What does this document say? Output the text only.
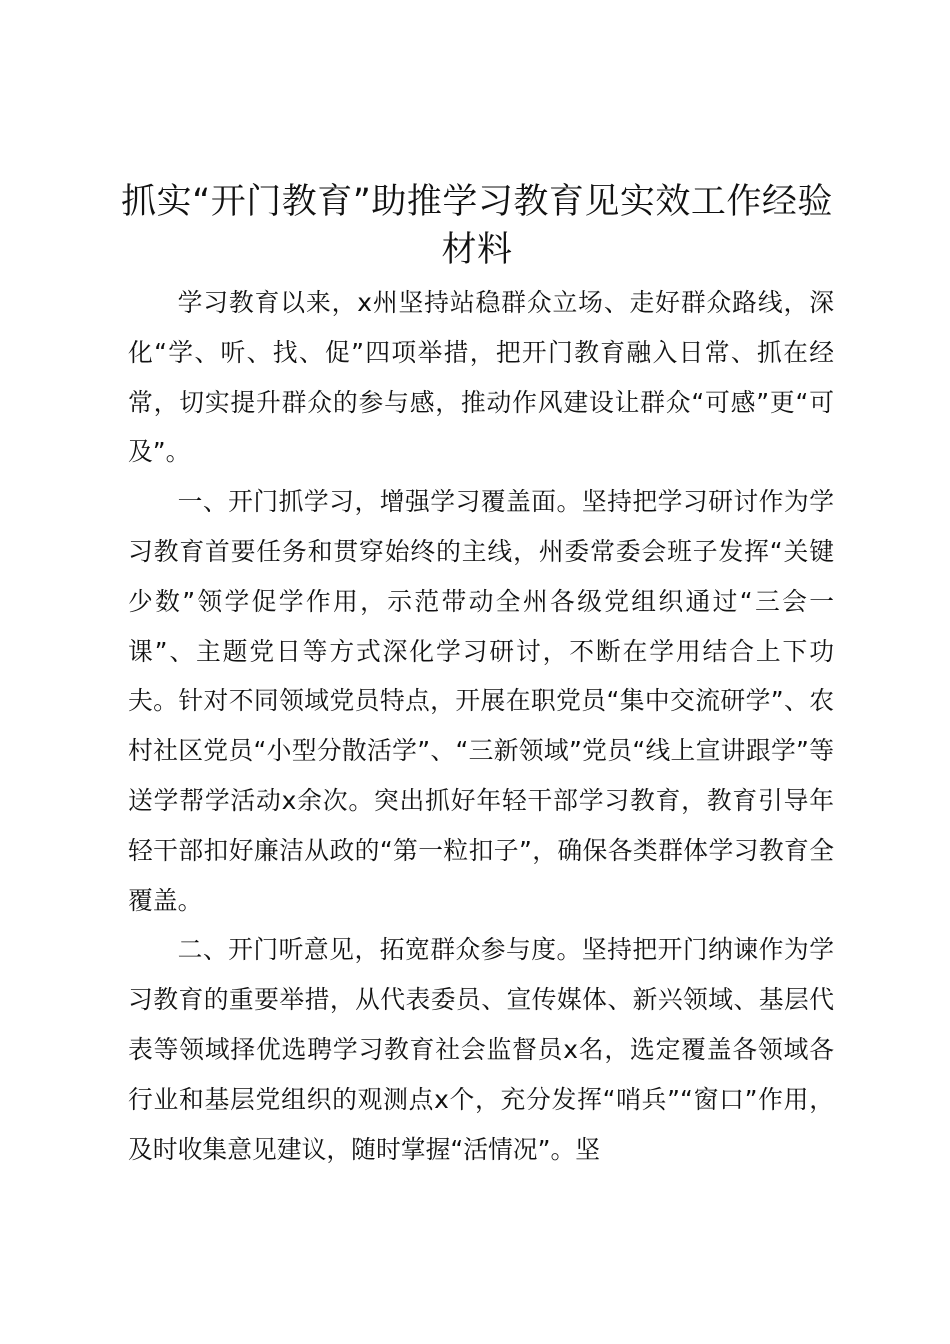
抓实“开门教育”助推学习教育见实效工作经验材料

学习教育以来，x州坚持站稳群众立场、走好群众路线，深化“学、听、找、促”四项举措，把开门教育融入日常、抓在经常，切实提升群众的参与感，推动作风建设让群众“可感”更“可及”。

一、开门抓学习，增强学习覆盖面。坚持把学习研讨作为学习教育首要任务和贯穿始终的主线，州委常委会班子发挥“关键少数”领学促学作用，示范带动全州各级党组织通过“三会一课”、主题党日等方式深化学习研讨，不断在学用结合上下功夫。针对不同领域党员特点，开展在职党员“集中交流研学”、农村社区党员“小型分散活学”、“三新领域”党员“线上宣讲跟学”等送学帮学活动x余次。突出抓好年轻干部学习教育，教育引导年轻干部扣好廉洁从政的“第一粒扣子”，确保各类群体学习教育全覆盖。

二、开门听意见，拓宽群众参与度。坚持把开门纳谏作为学习教育的重要举措，从代表委员、宣传媒体、新兴领域、基层代表等领域择优选聘学习教育社会监督员x名，选定覆盖各领域各行业和基层党组织的观测点x个，充分发挥“哨兵”“窗口”作用，及时收集意见建议，随时掌握“活情况”。坚
